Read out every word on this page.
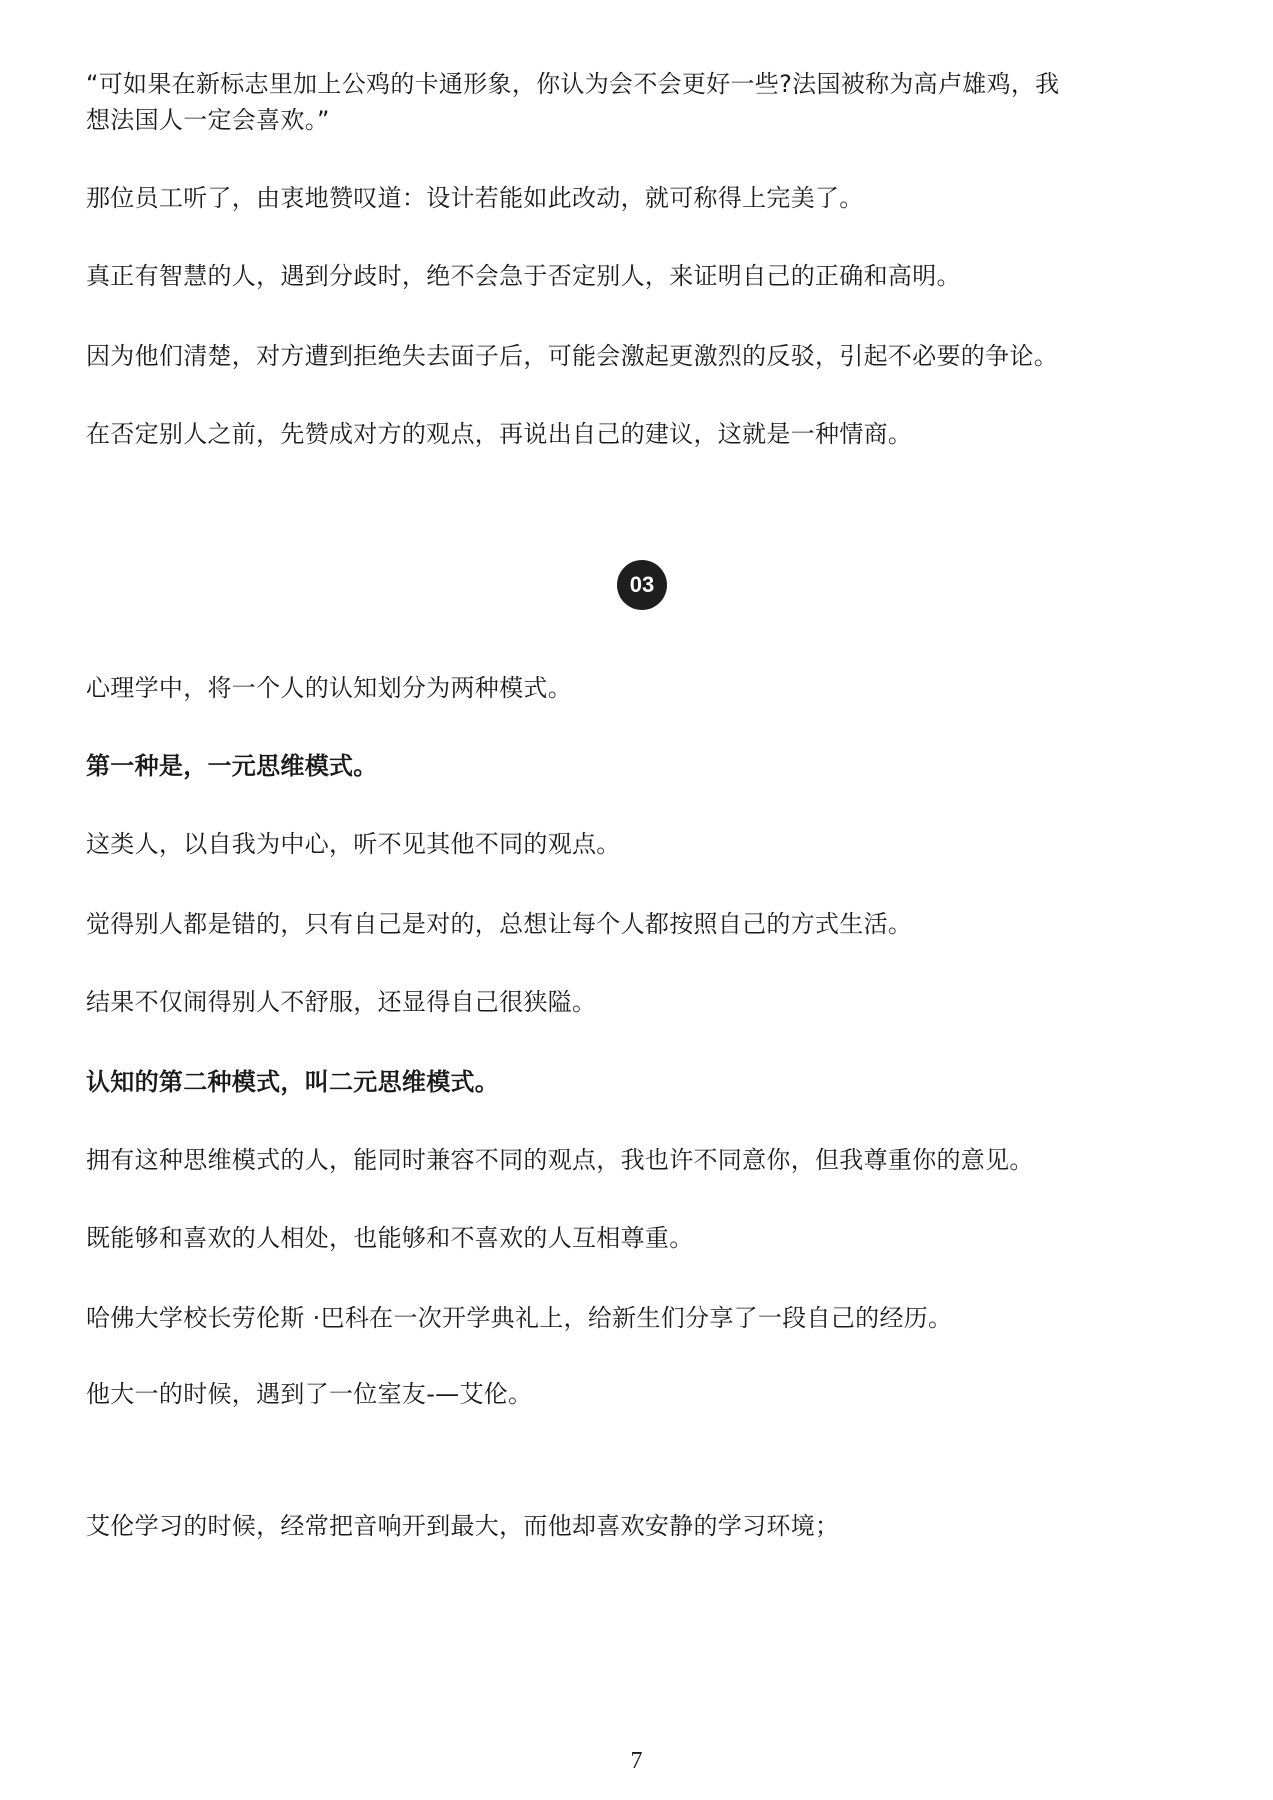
“可如果在新标志里加上公鸡的卡通形象，你认为会不会更好一些?法国被称为高卢雄鸡，我
想法国人一定会喜欢。”
那位员工听了，由衷地赞叹道：设计若能如此改动，就可称得上完美了。
真正有智慧的人，遇到分歧时，绝不会急于否定别人，来证明自己的正确和高明。
因为他们清楚，对方遭到拒绝失去面子后，可能会激起更激烈的反驳，引起不必要的争论。
在否定别人之前，先赞成对方的观点，再说出自己的建议，这就是一种情商。
03
心理学中，将一个人的认知划分为两种模式。
第一种是，一元思维模式。
这类人，以自我为中心，听不见其他不同的观点。
觉得别人都是错的，只有自己是对的，总想让每个人都按照自己的方式生活。
结果不仅闹得别人不舒服，还显得自己很狭隘。
认知的第二种模式，叫二元思维模式。
拥有这种思维模式的人，能同时兼容不同的观点，我也许不同意你，但我尊重你的意见。
既能够和喜欢的人相处，也能够和不喜欢的人互相尊重。
哈佛大学校长劳伦斯 ·巴科在一次开学典礼上，给新生们分享了一段自己的经历。
他大一的时候，遇到了一位室友-—艾伦。
艾伦学习的时候，经常把音响开到最大，而他却喜欢安静的学习环境；
7
